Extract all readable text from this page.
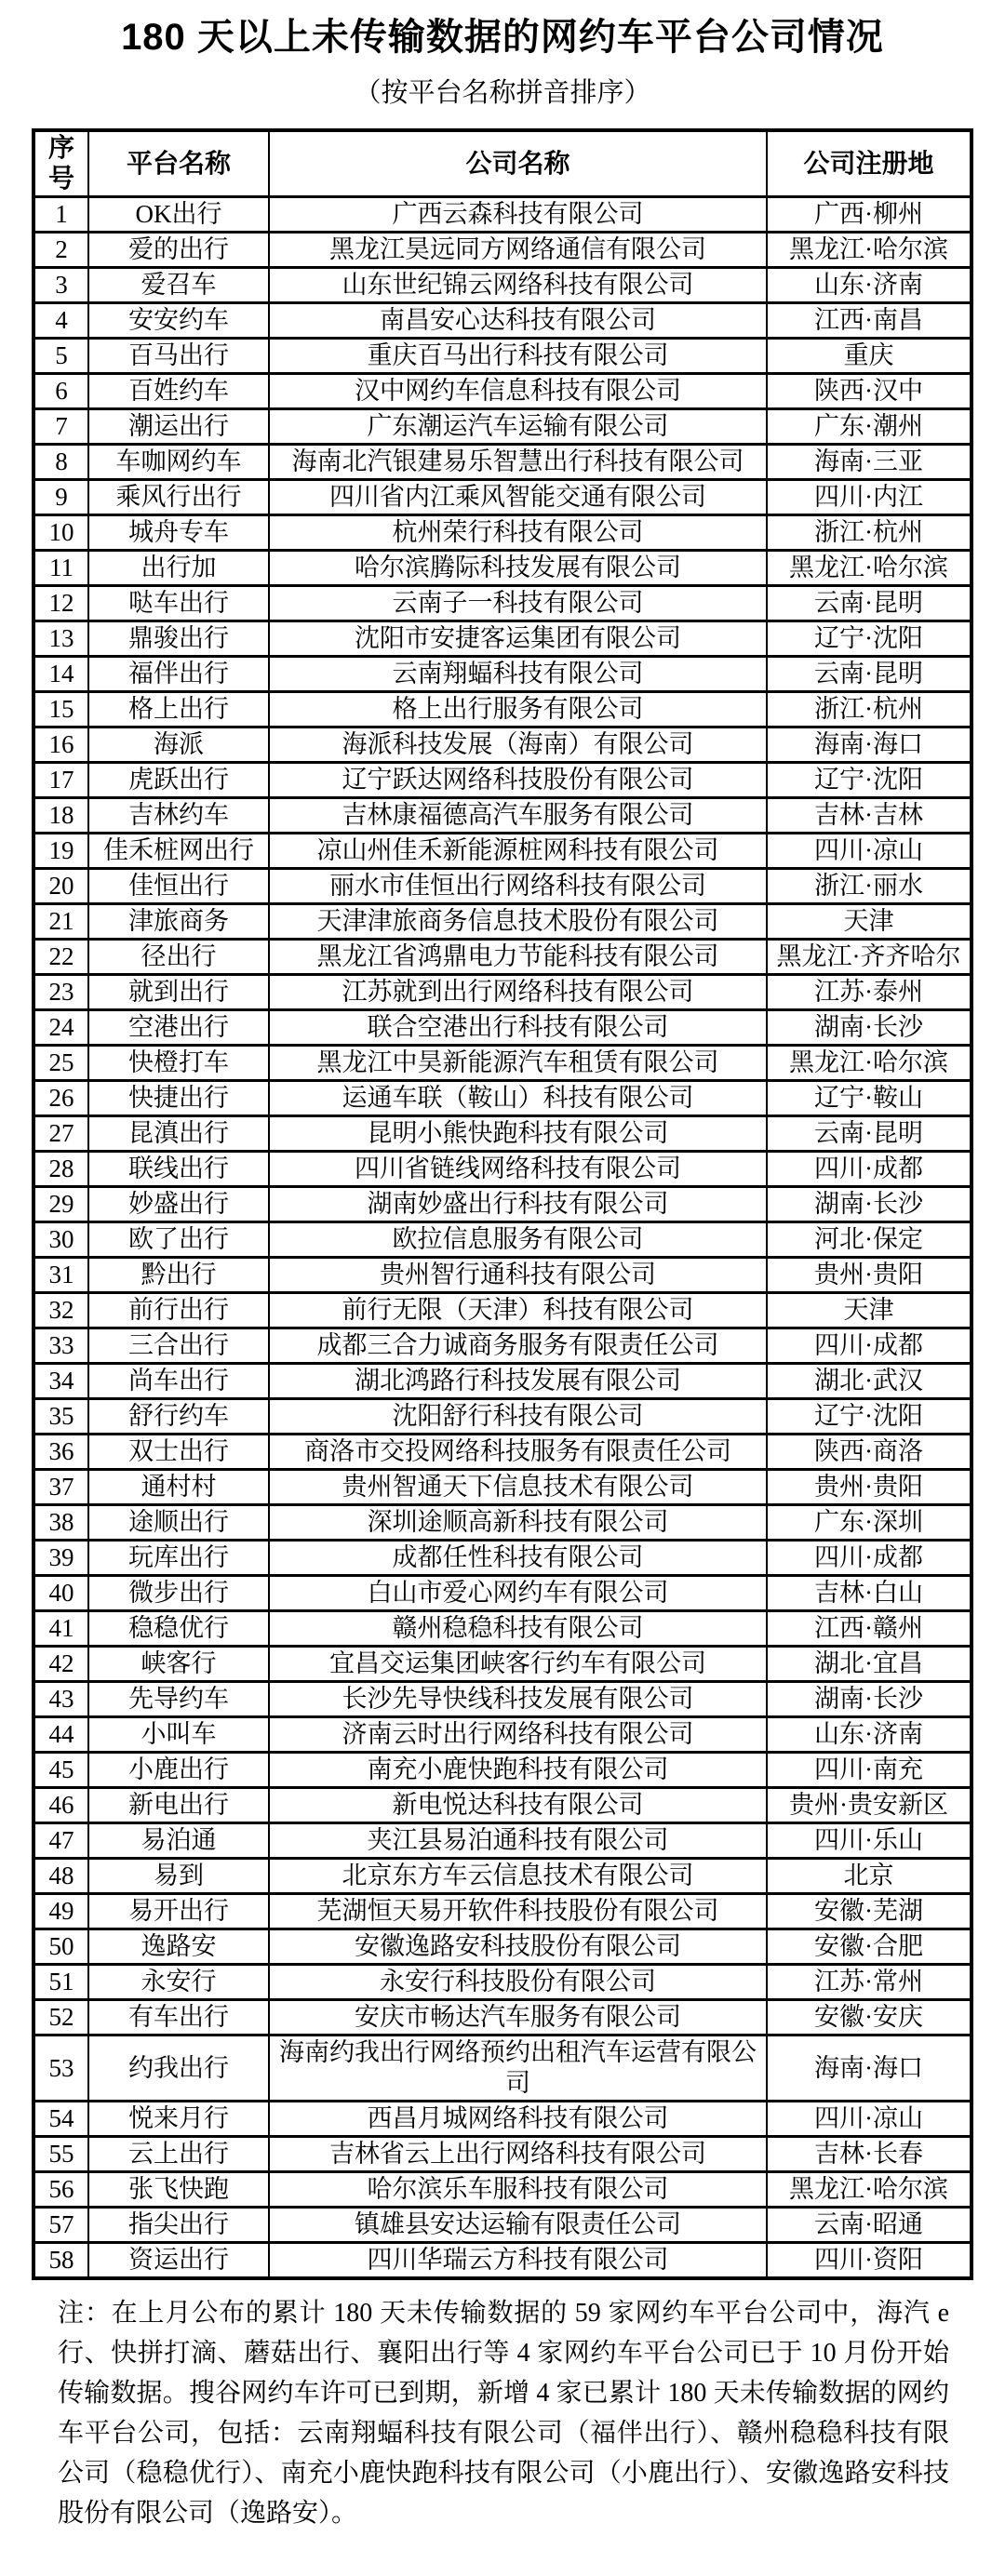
180 天以上未传输数据的网约车平台公司情况

（按平台名称拼音排序）

序号	平台名称	公司名称	公司注册地
1	OK出行	广西云森科技有限公司	广西·柳州
2	爱的出行	黑龙江昊远同方网络通信有限公司	黑龙江·哈尔滨
3	爱召车	山东世纪锦云网络科技有限公司	山东·济南
4	安安约车	南昌安心达科技有限公司	江西·南昌
5	百马出行	重庆百马出行科技有限公司	重庆
6	百姓约车	汉中网约车信息科技有限公司	陕西·汉中
7	潮运出行	广东潮运汽车运输有限公司	广东·潮州
8	车咖网约车	海南北汽银建易乐智慧出行科技有限公司	海南·三亚
9	乘风行出行	四川省内江乘风智能交通有限公司	四川·内江
10	城舟专车	杭州荣行科技有限公司	浙江·杭州
11	出行加	哈尔滨腾际科技发展有限公司	黑龙江·哈尔滨
12	哒车出行	云南子一科技有限公司	云南·昆明
13	鼎骏出行	沈阳市安捷客运集团有限公司	辽宁·沈阳
14	福伴出行	云南翔蝠科技有限公司	云南·昆明
15	格上出行	格上出行服务有限公司	浙江·杭州
16	海派	海派科技发展（海南）有限公司	海南·海口
17	虎跃出行	辽宁跃达网络科技股份有限公司	辽宁·沈阳
18	吉林约车	吉林康福德高汽车服务有限公司	吉林·吉林
19	佳禾桩网出行	凉山州佳禾新能源桩网科技有限公司	四川·凉山
20	佳恒出行	丽水市佳恒出行网络科技有限公司	浙江·丽水
21	津旅商务	天津津旅商务信息技术股份有限公司	天津
22	径出行	黑龙江省鸿鼎电力节能科技有限公司	黑龙江·齐齐哈尔
23	就到出行	江苏就到出行网络科技有限公司	江苏·泰州
24	空港出行	联合空港出行科技有限公司	湖南·长沙
25	快橙打车	黑龙江中昊新能源汽车租赁有限公司	黑龙江·哈尔滨
26	快捷出行	运通车联（鞍山）科技有限公司	辽宁·鞍山
27	昆滇出行	昆明小熊快跑科技有限公司	云南·昆明
28	联线出行	四川省链线网络科技有限公司	四川·成都
29	妙盛出行	湖南妙盛出行科技有限公司	湖南·长沙
30	欧了出行	欧拉信息服务有限公司	河北·保定
31	黔出行	贵州智行通科技有限公司	贵州·贵阳
32	前行出行	前行无限（天津）科技有限公司	天津
33	三合出行	成都三合力诚商务服务有限责任公司	四川·成都
34	尚车出行	湖北鸿路行科技发展有限公司	湖北·武汉
35	舒行约车	沈阳舒行科技有限公司	辽宁·沈阳
36	双士出行	商洛市交投网络科技服务有限责任公司	陕西·商洛
37	通村村	贵州智通天下信息技术有限公司	贵州·贵阳
38	途顺出行	深圳途顺高新科技有限公司	广东·深圳
39	玩库出行	成都任性科技有限公司	四川·成都
40	微步出行	白山市爱心网约车有限公司	吉林·白山
41	稳稳优行	赣州稳稳科技有限公司	江西·赣州
42	峡客行	宜昌交运集团峡客行约车有限公司	湖北·宜昌
43	先导约车	长沙先导快线科技发展有限公司	湖南·长沙
44	小叫车	济南云时出行网络科技有限公司	山东·济南
45	小鹿出行	南充小鹿快跑科技有限公司	四川·南充
46	新电出行	新电悦达科技有限公司	贵州·贵安新区
47	易泊通	夹江县易泊通科技有限公司	四川·乐山
48	易到	北京东方车云信息技术有限公司	北京
49	易开出行	芜湖恒天易开软件科技股份有限公司	安徽·芜湖
50	逸路安	安徽逸路安科技股份有限公司	安徽·合肥
51	永安行	永安行科技股份有限公司	江苏·常州
52	有车出行	安庆市畅达汽车服务有限公司	安徽·安庆
53	约我出行	海南约我出行网络预约出租汽车运营有限公司	海南·海口
54	悦来月行	西昌月城网络科技有限公司	四川·凉山
55	云上出行	吉林省云上出行网络科技有限公司	吉林·长春
56	张飞快跑	哈尔滨乐车服科技有限公司	黑龙江·哈尔滨
57	指尖出行	镇雄县安达运输有限责任公司	云南·昭通
58	资运出行	四川华瑞云方科技有限公司	四川·资阳

注：在上月公布的累计 180 天未传输数据的 59 家网约车平台公司中，海汽 e 行、快拼打滴、蘑菇出行、襄阳出行等 4 家网约车平台公司已于 10 月份开始传输数据。搜谷网约车许可已到期，新增 4 家已累计 180 天未传输数据的网约车平台公司，包括：云南翔蝠科技有限公司（福伴出行）、赣州稳稳科技有限公司（稳稳优行）、南充小鹿快跑科技有限公司（小鹿出行）、安徽逸路安科技股份有限公司（逸路安）。
